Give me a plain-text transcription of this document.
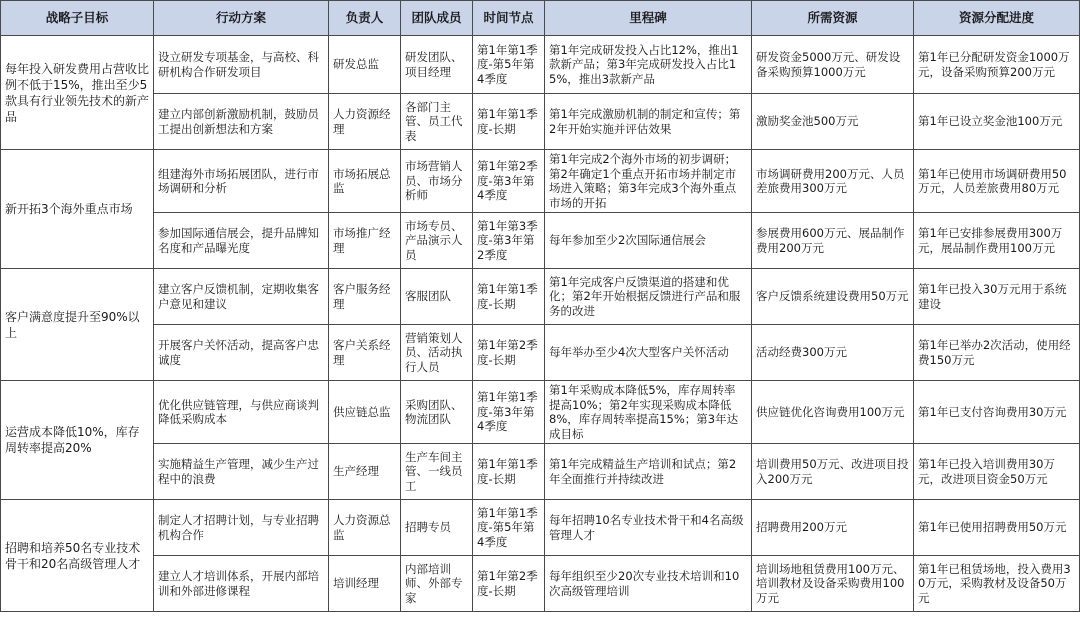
战略子目标	行动方案	负责人	团队成员	时间节点	里程碑	所需资源	资源分配进度
每年投入研发费用占营收比例不低于15%，推出至少5款具有行业领先技术的新产品	设立研发专项基金，与高校、科研机构合作研发项目	研发总监	研发团队、项目经理	第1年第1季度-第5年第4季度	第1年完成研发投入占比12%，推出1款新产品；第3年完成研发投入占比15%，推出3款新产品	研发资金5000万元、研发设备采购预算1000万元	第1年已分配研发资金1000万元，设备采购预算200万元
	建立内部创新激励机制，鼓励员工提出创新想法和方案	人力资源经理	各部门主管、员工代表	第1年第1季度-长期	第1年完成激励机制的制定和宣传；第2年开始实施并评估效果	激励奖金池500万元	第1年已设立奖金池100万元
新开拓3个海外重点市场	组建海外市场拓展团队，进行市场调研和分析	市场拓展总监	市场营销人员、市场分析师	第1年第2季度-第3年第4季度	第1年完成2个海外市场的初步调研；第2年确定1个重点开拓市场并制定市场进入策略；第3年完成3个海外重点市场的开拓	市场调研费用200万元、人员差旅费用300万元	第1年已使用市场调研费用50万元，人员差旅费用80万元
	参加国际通信展会，提升品牌知名度和产品曝光度	市场推广经理	市场专员、产品演示人员	第1年第3季度-第3年第2季度	每年参加至少2次国际通信展会	参展费用600万元、展品制作费用200万元	第1年已安排参展费用300万元，展品制作费用100万元
客户满意度提升至90%以上	建立客户反馈机制，定期收集客户意见和建议	客户服务经理	客服团队	第1年第1季度-长期	第1年完成客户反馈渠道的搭建和优化；第2年开始根据反馈进行产品和服务的改进	客户反馈系统建设费用50万元	第1年已投入30万元用于系统建设
	开展客户关怀活动，提高客户忠诚度	客户关系经理	营销策划人员、活动执行人员	第1年第2季度-长期	每年举办至少4次大型客户关怀活动	活动经费300万元	第1年已举办2次活动，使用经费150万元
运营成本降低10%，库存周转率提高20%	优化供应链管理，与供应商谈判降低采购成本	供应链总监	采购团队、物流团队	第1年第1季度-第3年第4季度	第1年采购成本降低5%，库存周转率提高10%；第2年实现采购成本降低8%，库存周转率提高15%；第3年达成目标	供应链优化咨询费用100万元	第1年已支付咨询费用30万元
	实施精益生产管理，减少生产过程中的浪费	生产经理	生产车间主管、一线员工	第1年第1季度-长期	第1年完成精益生产培训和试点；第2年全面推行并持续改进	培训费用50万元、改进项目投入200万元	第1年已投入培训费用30万元，改进项目资金50万元
招聘和培养50名专业技术骨干和20名高级管理人才	制定人才招聘计划，与专业招聘机构合作	人力资源总监	招聘专员	第1年第1季度-第5年第4季度	每年招聘10名专业技术骨干和4名高级管理人才	招聘费用200万元	第1年已使用招聘费用50万元
	建立人才培训体系，开展内部培训和外部进修课程	培训经理	内部培训师、外部专家	第1年第2季度-长期	每年组织至少20次专业技术培训和10次高级管理培训	培训场地租赁费用100万元、培训教材及设备采购费用100万元	第1年已租赁场地，投入费用30万元，采购教材及设备50万元
